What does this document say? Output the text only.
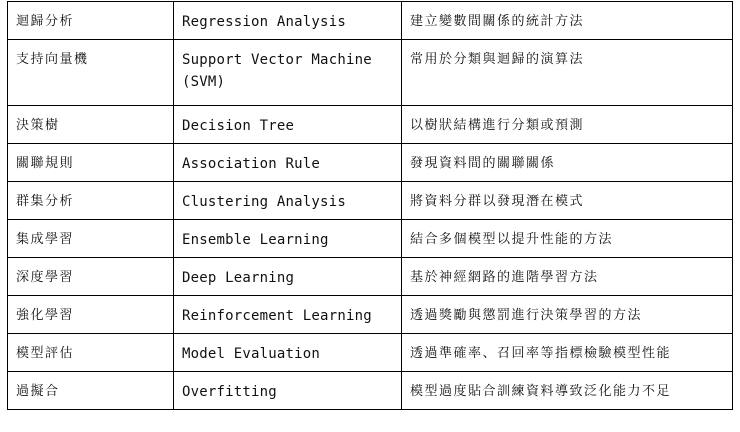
迴歸分析	Regression Analysis	建立變數間關係的統計方法
支持向量機	Support Vector Machine (SVM)	常用於分類與迴歸的演算法
決策樹	Decision Tree	以樹狀結構進行分類或預測
關聯規則	Association Rule	發現資料間的關聯關係
群集分析	Clustering Analysis	將資料分群以發現潛在模式
集成學習	Ensemble Learning	結合多個模型以提升性能的方法
深度學習	Deep Learning	基於神經網路的進階學習方法
強化學習	Reinforcement Learning	透過獎勵與懲罰進行決策學習的方法
模型評估	Model Evaluation	透過準確率、召回率等指標檢驗模型性能
過擬合	Overfitting	模型過度貼合訓練資料導致泛化能力不足
